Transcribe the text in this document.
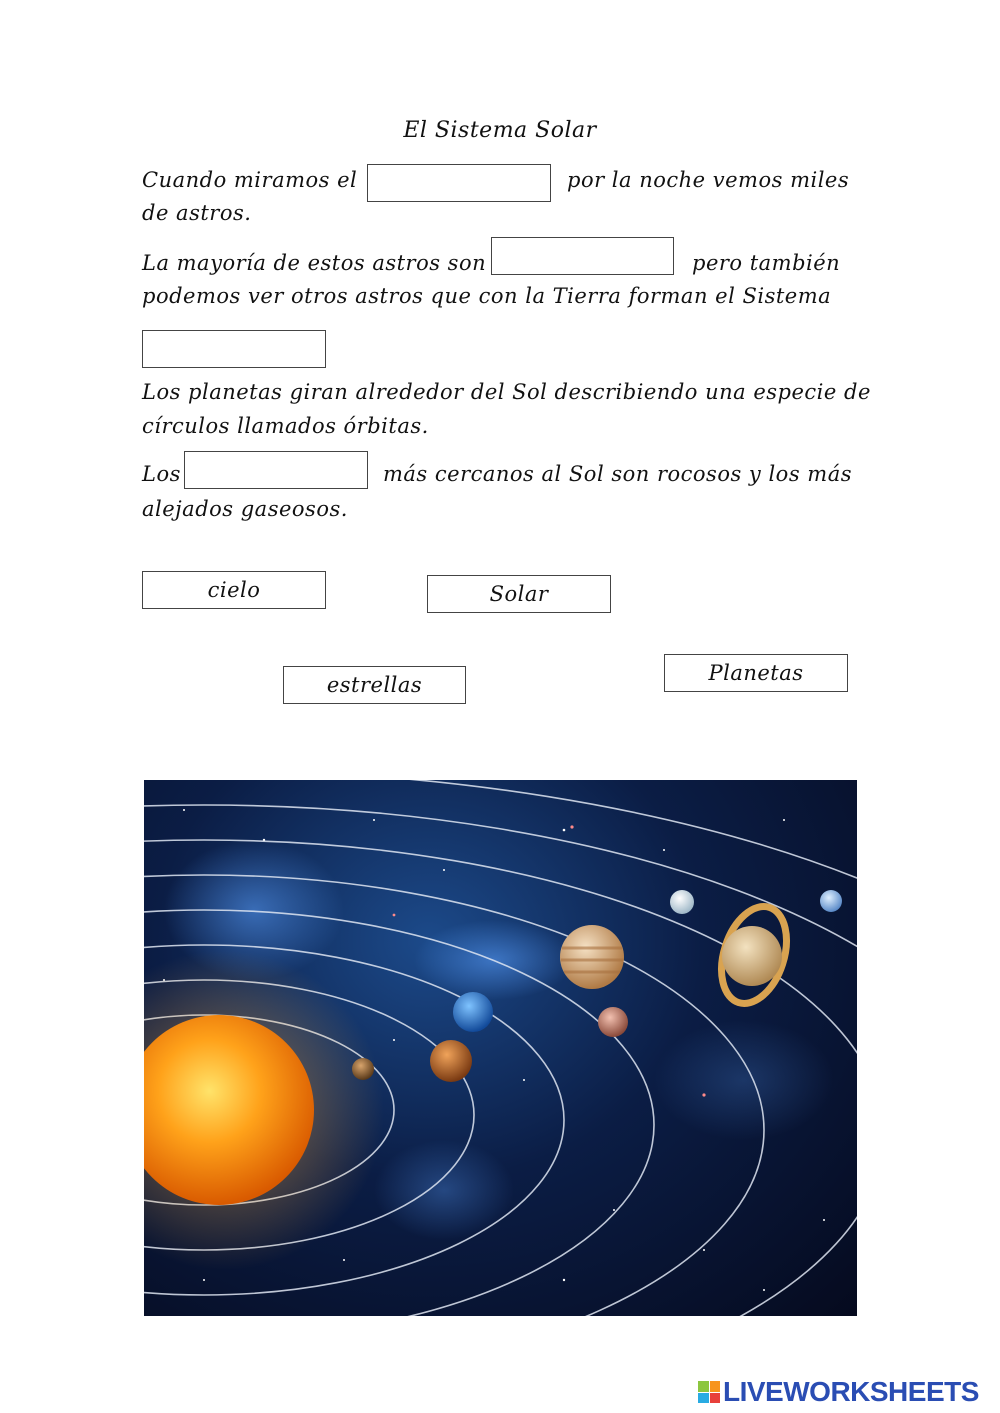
El Sistema Solar
Cuando miramos el	por la noche vemos miles
de astros.
La mayoría de estos astros son	pero también
podemos ver otros astros que con la Tierra forman el Sistema
Los planetas giran alrededor del Sol describiendo una especie de
círculos llamados órbitas.
Los	más cercanos al Sol son rocosos y los más
alejados gaseosos.
cielo	Solar
estrellas	Planetas
LIVEWORKSHEETS
